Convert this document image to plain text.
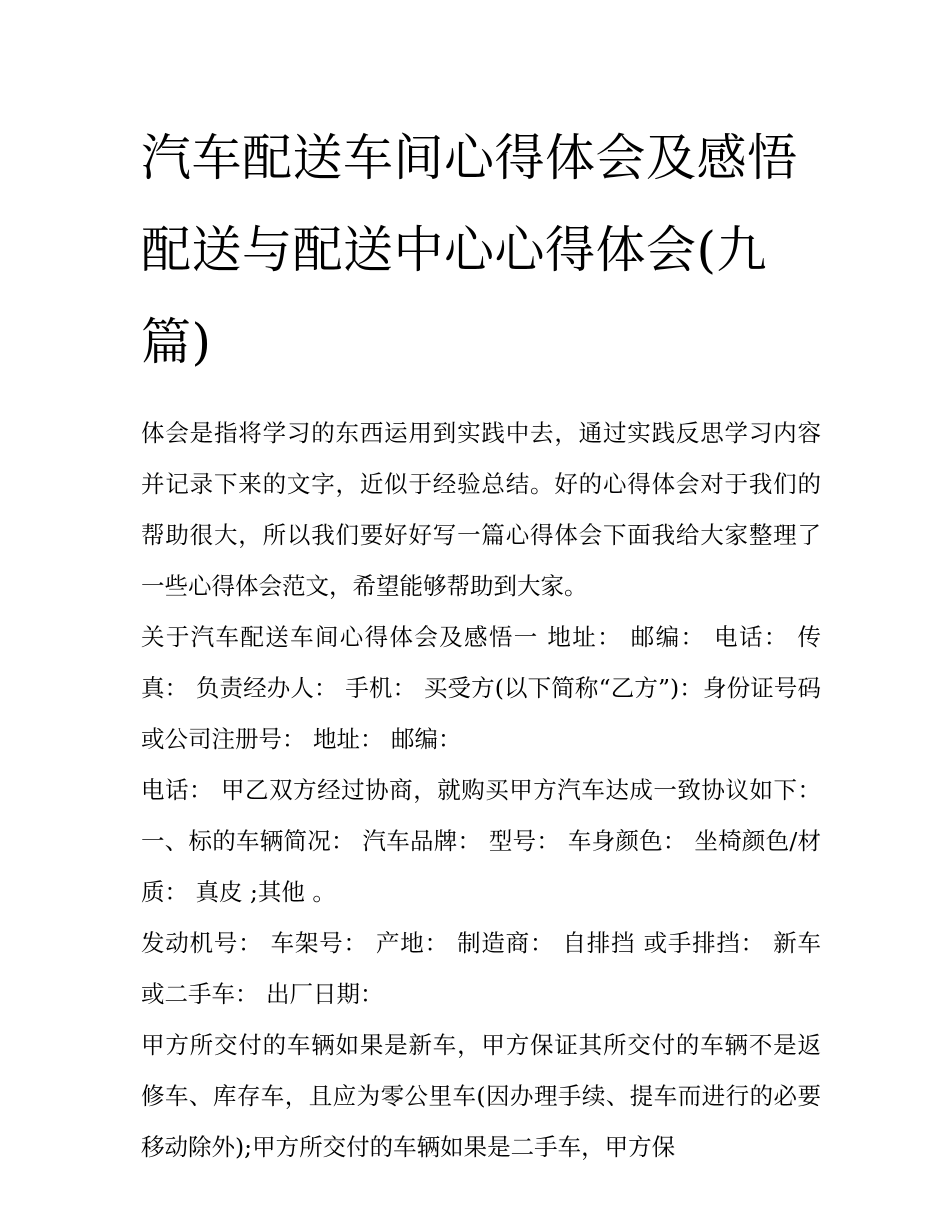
汽车配送车间心得体会及感悟配送与配送中心心得体会(九篇)

体会是指将学习的东西运用到实践中去，通过实践反思学习内容并记录下来的文字，近似于经验总结。好的心得体会对于我们的帮助很大，所以我们要好好写一篇心得体会下面我给大家整理了一些心得体会范文，希望能够帮助到大家。

关于汽车配送车间心得体会及感悟一 地址： 邮编： 电话： 传真： 负责经办人： 手机： 买受方(以下简称“乙方”)：身份证号码或公司注册号： 地址： 邮编：

电话： 甲乙双方经过协商，就购买甲方汽车达成一致协议如下： 一、标的车辆简况： 汽车品牌： 型号： 车身颜色： 坐椅颜色/材质： 真皮 ;其他 。

发动机号： 车架号： 产地： 制造商： 自排挡 或手排挡： 新车 或二手车： 出厂日期：

甲方所交付的车辆如果是新车，甲方保证其所交付的车辆不是返修车、库存车，且应为零公里车(因办理手续、提车而进行的必要移动除外);甲方所交付的车辆如果是二手车，甲方保
